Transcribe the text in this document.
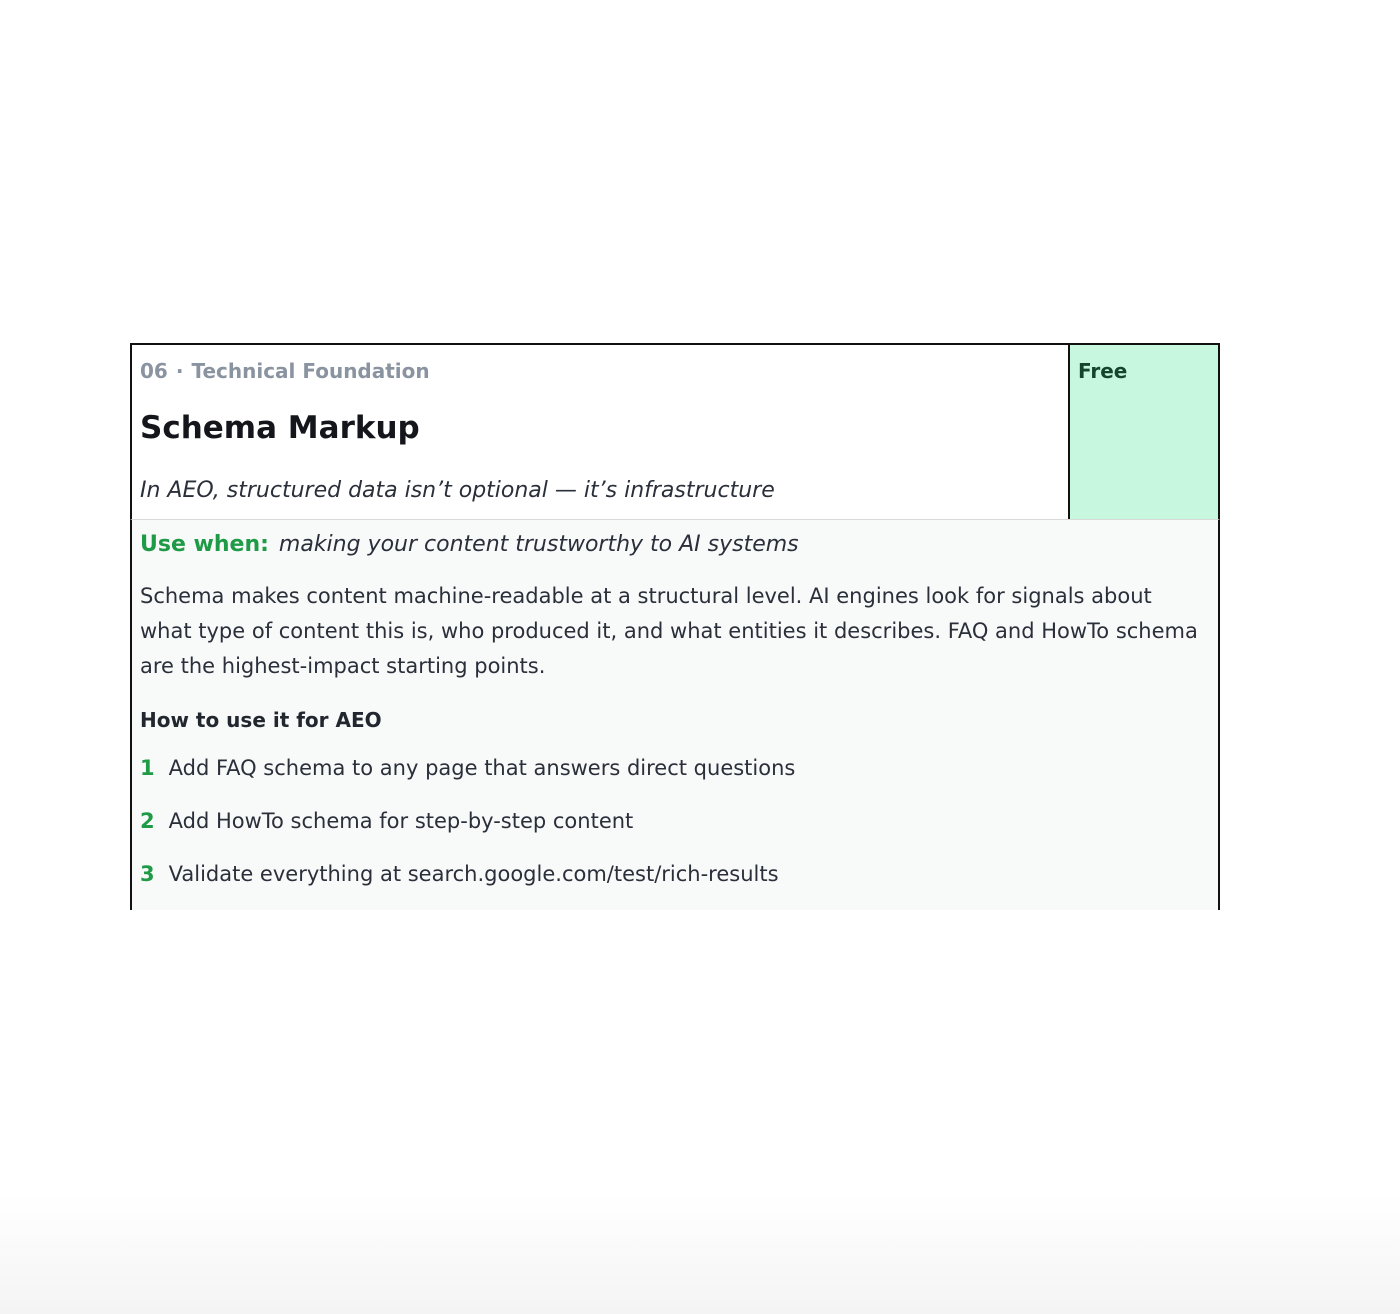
06 · Technical Foundation
Schema Markup
In AEO, structured data isn’t optional — it’s infrastructure
Free

Use when: making your content trustworthy to AI systems

Schema makes content machine-readable at a structural level. AI engines look for signals about what type of content this is, who produced it, and what entities it describes. FAQ and HowTo schema are the highest-impact starting points.

How to use it for AEO
1 Add FAQ schema to any page that answers direct questions
2 Add HowTo schema for step-by-step content
3 Validate everything at search.google.com/test/rich-results
